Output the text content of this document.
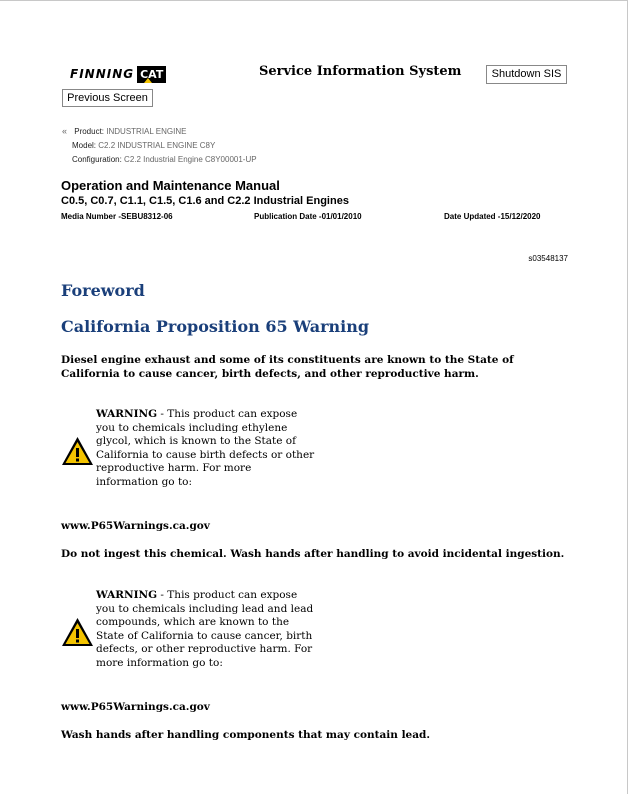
FINNING CAT	Service Information System	Shutdown SIS
Previous Screen
« Product: INDUSTRIAL ENGINE
Model: C2.2 INDUSTRIAL ENGINE C8Y
Configuration: C2.2 Industrial Engine C8Y00001-UP
Operation and Maintenance Manual
C0.5, C0.7, C1.1, C1.5, C1.6 and C2.2 Industrial Engines
Media Number -SEBU8312-06	Publication Date -01/01/2010	Date Updated -15/12/2020
s03548137
Foreword
California Proposition 65 Warning
Diesel engine exhaust and some of its constituents are known to the State of California to cause cancer, birth defects, and other reproductive harm.
WARNING - This product can expose you to chemicals including ethylene glycol, which is known to the State of California to cause birth defects or other reproductive harm. For more information go to:
www.P65Warnings.ca.gov
Do not ingest this chemical. Wash hands after handling to avoid incidental ingestion.
WARNING - This product can expose you to chemicals including lead and lead compounds, which are known to the State of California to cause cancer, birth defects, or other reproductive harm. For more information go to:
www.P65Warnings.ca.gov
Wash hands after handling components that may contain lead.
